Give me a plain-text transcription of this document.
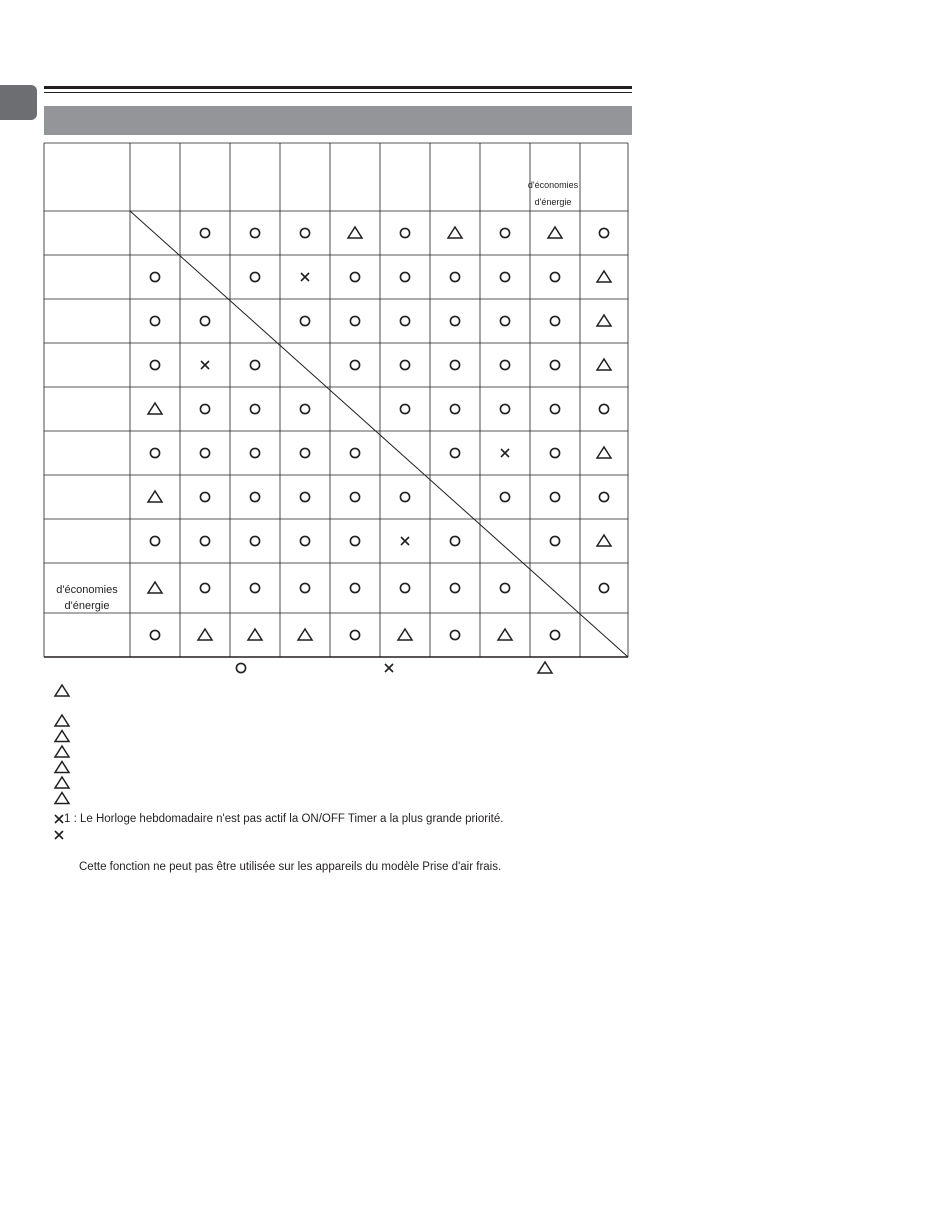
d'économies
d'énergie
d'économies
d'énergie
1 : Le Horloge hebdomadaire n'est pas actif la ON/OFF Timer a la plus grande priorité.
Cette fonction ne peut pas être utilisée sur les appareils du modèle Prise d'air frais.
